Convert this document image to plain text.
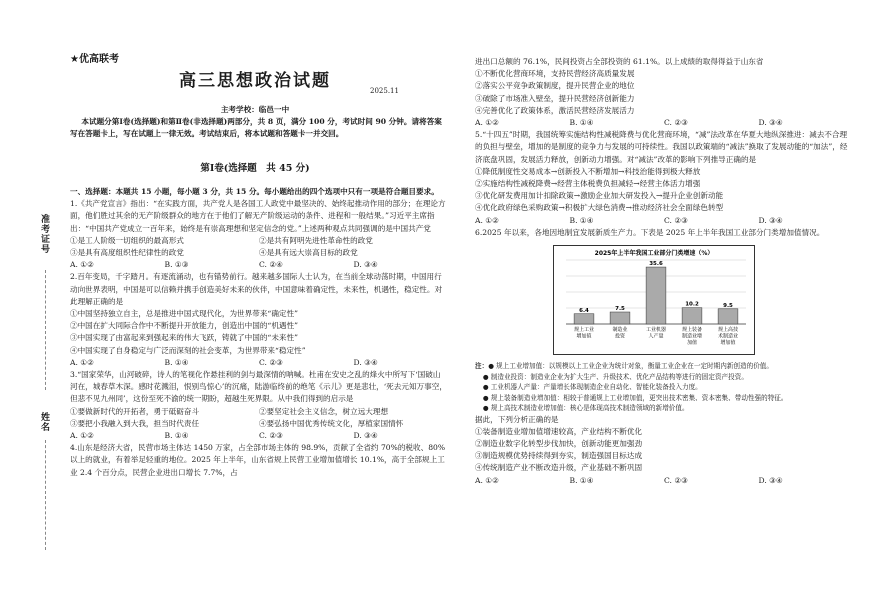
准考证号
姓名
★优高联考
高三思想政治试题	2025.11
主考学校：临邑一中
本试题分第Ⅰ卷(选择题)和第Ⅱ卷(非选择题)两部分，共 8 页，满分 100 分，考试时间 90 分钟。请将答案写在答题卡上，写在试题上一律无效。考试结束后，将本试题和答题卡一并交回。
第Ⅰ卷(选择题　共 45 分)

一、选择题：本题共 15 小题，每小题 3 分，共 15 分。每小题给出的四个选项中只有一项是符合题目要求。

1.《共产党宣言》指出：“在实践方面，共产党人是各国工人政党中最坚决的、始终起推动作用的部分；在理论方面，他们胜过其余的无产阶级群众的地方在于他们了解无产阶级运动的条件、进程和一般结果。”习近平主席指出：“中国共产党成立一百年来，始终是有崇高理想和坚定信念的党。”上述两种观点共同强调的是中国共产党

①是工人阶级一切组织的最高形式	②是共有阿明先进性革命性的政党
③是具有高度组织性纪律性的政党	④是具有远大崇高目标的政党
A. ①②	B. ①③	C. ②④	D. ③④

2.百年变局，千字踏月。有逐流涌动，也有锚势前行。越来越多国际人士认为，在当前全球动荡时期，中国用行动向世界表明，中国是可以信赖并携手创造美好未来的伙伴，中国意味着确定性，未来性，机遇性，稳定性。对此理解正确的是

①中国坚持独立自主，总是推进中国式现代化，为世界带来“确定性”

②中国在扩大同际合作中不断提升开放能力，创造出中国的“机遇性”

③中国实现了由富起来到强起来的伟大飞跃，铸就了中国的“未来性”

④中国实现了自身稳定与广泛而深刻的社会变革，为世界带来“稳定性”

A. ①②	B. ①④	C. ②③	D. ③④

3.“国家荣华，山河破碎，诗人的笔视化作悬挂利的剑与最深情的呐喊。杜甫在安史之乱的烽火中所写下‘国破山河在，城春草木深。感时花溅泪，恨别鸟惊心’的沉痛，陆游临终前的绝笔《示儿》更是悲壮，‘死去元知万事空，但悲不见九州同’，这份至死不渝的统一期盼，超越生死界限。从中我们得到的启示是

①要做新时代的开拓者，勇于砥砺奋斗	②要坚定社会主义信念，树立远大理想
③要把小我融入到大我，担当时代责任	④要弘扬中国优秀传统文化，厚植家国情怀
A. ①②	B. ①④	C. ②③	D. ③④

4.山东是经济大省，民营市场主体达 1450 万家，占全部市场主体的 98.9%，贡献了全省约 70%的税收、80%以上的就业，有着举足轻重的地位。2025 年上半年，山东省规上民营工业增加值增长 10.1%，高于全部规上工业 2.4 个百分点，民营企业进出口增长 7.7%，占

进出口总额的 76.1%，民间投资占全部投资的 61.1%。以上成绩的取得得益于山东省

①不断优化营商环境，支持民营经济高质量发展

②落实公平竞争政策制度，提升民营企业的地位

③破除了市场准入壁垒，提升民营经济创新能力

④完善优化了政策体系，激活民营经济发展活力

A. ①②	B. ①④	C. ②③	D. ③④

5.“十四五”时期，我国统筹实施结构性减税降费与优化营商环境，“减”法改革在华夏大地纵深推进：减去不合理的负担与壁垒，增加的是制度的竞争力与发展的可持续性。我国以政策端的“减法”换取了发展动能的“加法”，经济底盘巩固，发展活力释放，创新动力增强。对“减法”改革的影响下列推导正确的是

①降低制度性交易成本→创新投入不断增加→科技治能得到极大释放

②实施结构性减税降费→经营主体税费负担减轻→经营主体活力增强

③优化研发费用加计扣除政策→激励企业加大研发投入→提升企业创新动能

④优化政府绿色采购政策→积极扩大绿色消费→推动经济社会全面绿色转型

A. ①②	B. ①④	C. ②③	D. ③④

6.2025 年以来，各地因地制宜发展新质生产力。下表是 2025 年上半年我国工业部分门类增加值情况。

2025年上半年我国工业部分门类增速（%）
6.4	7.5
35.6
10.2	9.5
规上工业
增加值
制造业
投资
工业机器
人产量
规上装备
制造业增
加值
规上高技
术制造业
增加值

注：● 规上工业增加值：以规模以上工业企业为统计对象，衡量工业企业在一定时期内新创造的价值。

● 制造业投资：制造业企业为扩大生产、升级技术、优化产品结构等进行的固定资产投资。

● 工业机器人产量：产量增长体现制造企业自动化、智能化装备投入力度。

● 规上装备制造业增加值：相较于普通规上工业增加值，更突出技术密集、资本密集、带动性强的特征。

● 规上高技术制造业增加值：核心是体现高技术制造领域的新增价值。

据此，下列分析正确的是

①装备制造业增加值增速较高，产业结构不断优化

②制造业数字化转型步伐加快，创新动能更加强劲

③制造规模优势持续得到夯实，制造强国目标达成

④传统制造产业不断改造升级，产业基础不断巩固

A. ①②	B. ①④	C. ②③	D. ③④
